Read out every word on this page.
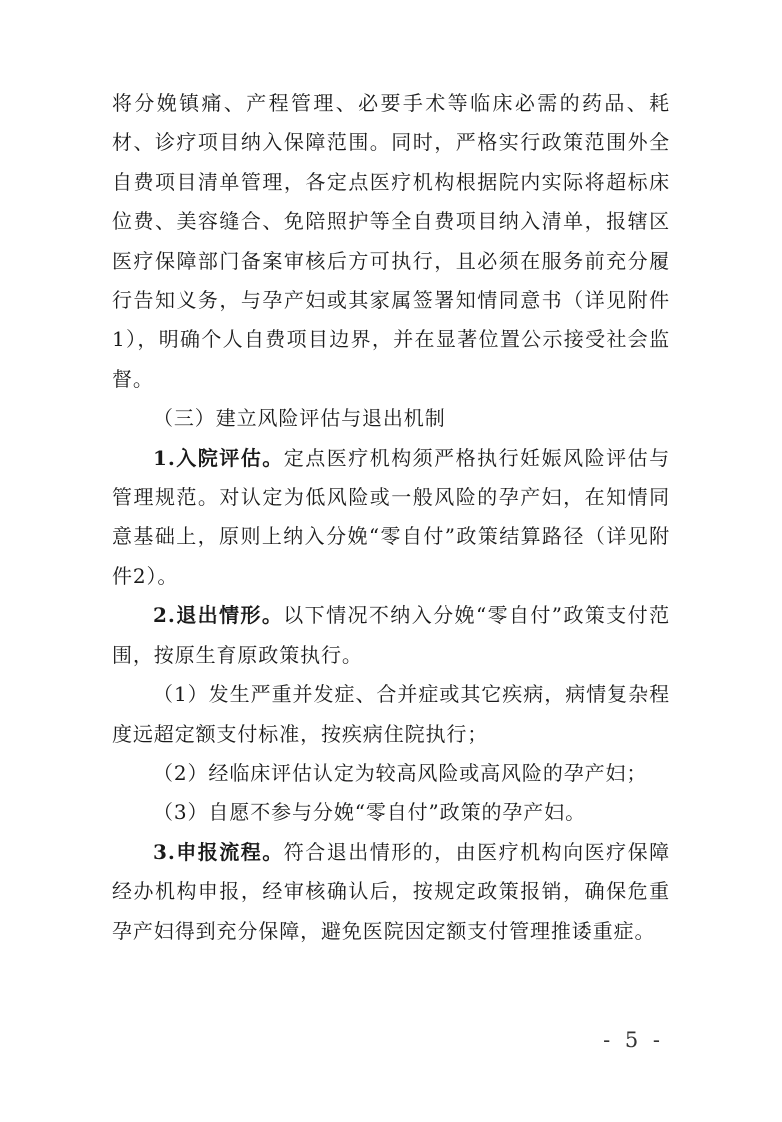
将分娩镇痛、产程管理、必要手术等临床必需的药品、耗材、诊疗项目纳入保障范围。同时，严格实行政策范围外全自费项目清单管理，各定点医疗机构根据院内实际将超标床位费、美容缝合、免陪照护等全自费项目纳入清单，报辖区医疗保障部门备案审核后方可执行，且必须在服务前充分履行告知义务，与孕产妇或其家属签署知情同意书（详见附件1），明确个人自费项目边界，并在显著位置公示接受社会监督。

（三）建立风险评估与退出机制

1.入院评估。定点医疗机构须严格执行妊娠风险评估与管理规范。对认定为低风险或一般风险的孕产妇，在知情同意基础上，原则上纳入分娩“零自付”政策结算路径（详见附件2）。

2.退出情形。以下情况不纳入分娩“零自付”政策支付范围，按原生育原政策执行。

（1）发生严重并发症、合并症或其它疾病，病情复杂程度远超定额支付标准，按疾病住院执行；

（2）经临床评估认定为较高风险或高风险的孕产妇；

（3）自愿不参与分娩“零自付”政策的孕产妇。

3.申报流程。符合退出情形的，由医疗机构向医疗保障经办机构申报，经审核确认后，按规定政策报销，确保危重孕产妇得到充分保障，避免医院因定额支付管理推诿重症。

- 5 -
